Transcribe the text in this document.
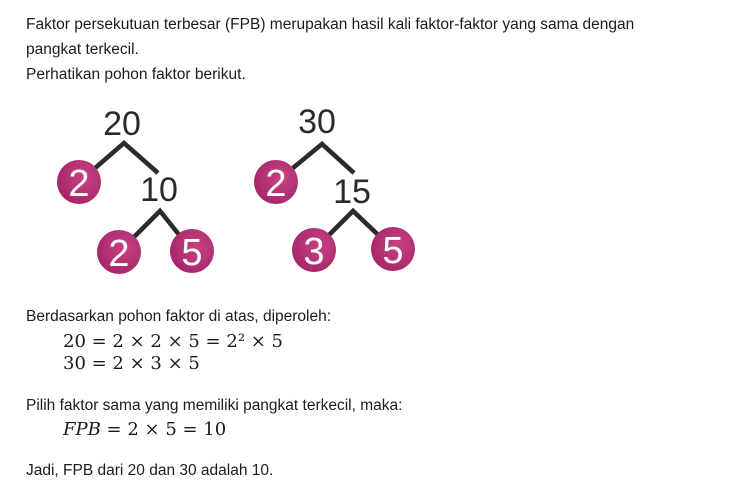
Faktor persekutuan terbesar (FPB) merupakan hasil kali faktor-faktor yang sama dengan
pangkat terkecil.
Perhatikan pohon faktor berikut.
20
10
2
2 5
30
15
2
3 5
Berdasarkan pohon faktor di atas, diperoleh:
20 = 2 × 2 × 5 = 2² × 5
30 = 2 × 3 × 5
Pilih faktor sama yang memiliki pangkat terkecil, maka:
FPB = 2 × 5 = 10
Jadi, FPB dari 20 dan 30 adalah 10.
